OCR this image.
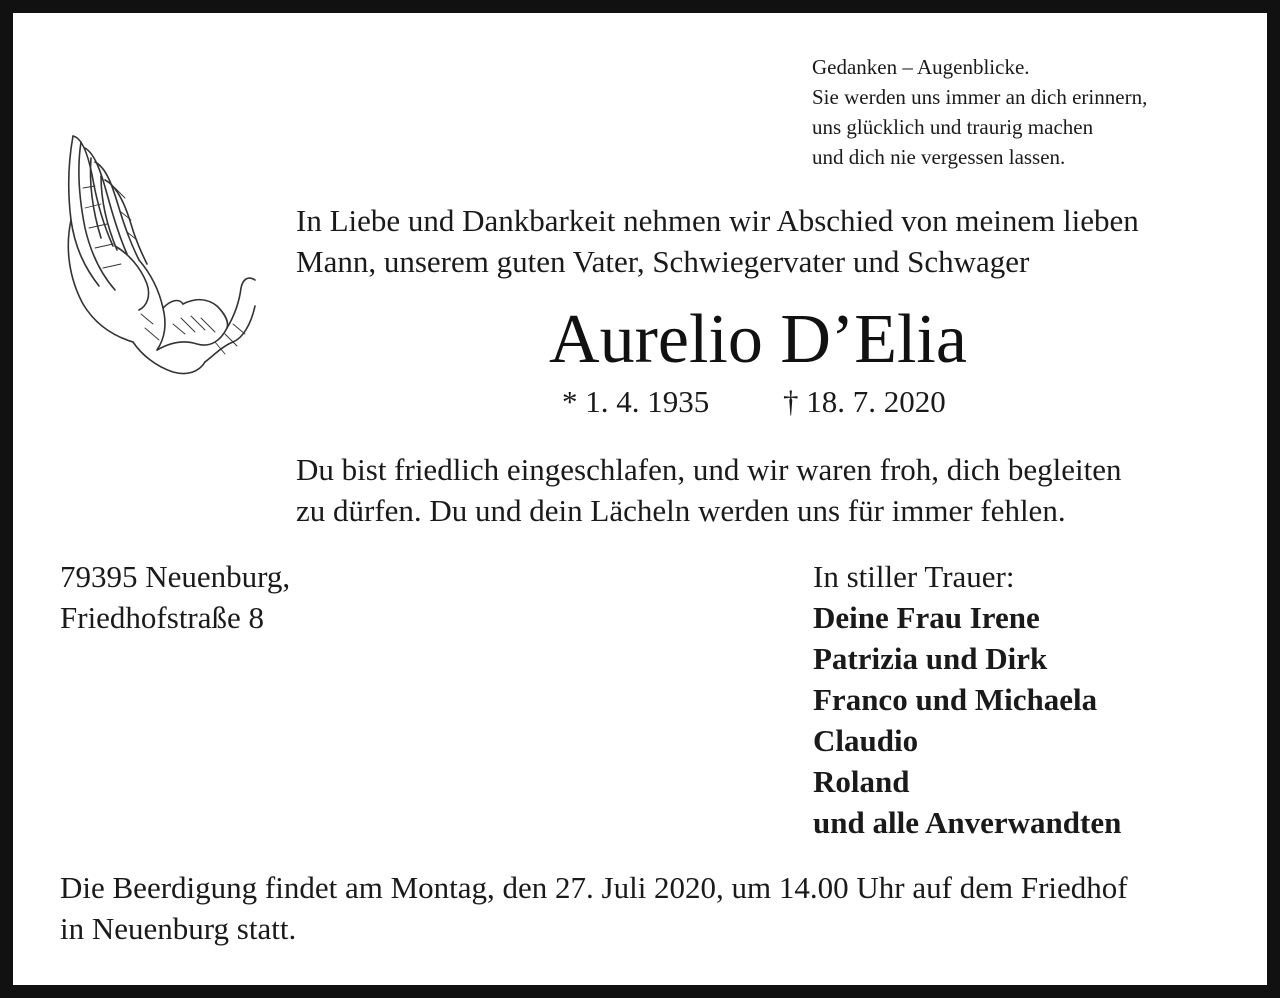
Gedanken – Augenblicke.
Sie werden uns immer an dich erinnern,
uns glücklich und traurig machen
und dich nie vergessen lassen.
In Liebe und Dankbarkeit nehmen wir Abschied von meinem lieben
Mann, unserem guten Vater, Schwiegervater und Schwager
Aurelio D’Elia
* 1. 4. 1935 † 18. 7. 2020
Du bist friedlich eingeschlafen, und wir waren froh, dich begleiten
zu dürfen. Du und dein Lächeln werden uns für immer fehlen.
79395 Neuenburg,
Friedhofstraße 8
In stiller Trauer:
Deine Frau Irene
Patrizia und Dirk
Franco und Michaela
Claudio
Roland
und alle Anverwandten
Die Beerdigung findet am Montag, den 27. Juli 2020, um 14.00 Uhr auf dem Friedhof
in Neuenburg statt.
